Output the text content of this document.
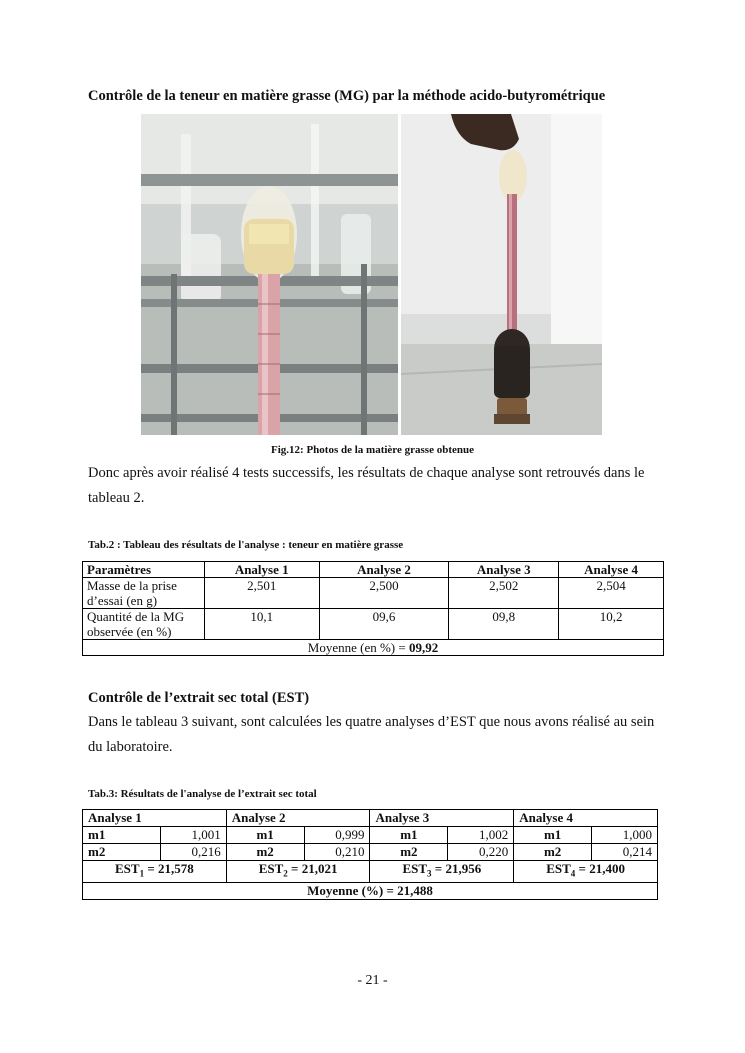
Contrôle de la teneur en matière grasse (MG) par la méthode acido-butyrométrique
Fig.12: Photos de la matière grasse obtenue
Donc après avoir réalisé 4 tests successifs, les résultats de chaque analyse sont retrouvés dans le tableau 2.
Tab.2 : Tableau des résultats de l'analyse : teneur en matière grasse
Paramètres	Analyse 1	Analyse 2	Analyse 3	Analyse 4
Masse de la prise d’essai (en g)	2,501	2,500	2,502	2,504
Quantité de la MG observée (en %)	10,1	09,6	09,8	10,2
Moyenne (en %) = 09,92				
Contrôle de l’extrait sec total (EST)
Dans le tableau 3 suivant, sont calculées les quatre analyses d’EST que nous avons réalisé au sein du laboratoire.
Tab.3: Résultats de l'analyse de l’extrait sec total
Analyse 1		Analyse 2		Analyse 3		Analyse 4	
m1	1,001	m1	0,999	m1	1,002	m1	1,000
m2	0,216	m2	0,210	m2	0,220	m2	0,214
$EST_1 = 21,578$		$EST_2 = 21,021$		$EST_3 = 21,956$		$EST_4 = 21,400$	
Moyenne (%) = 21,488							
- 21 -
